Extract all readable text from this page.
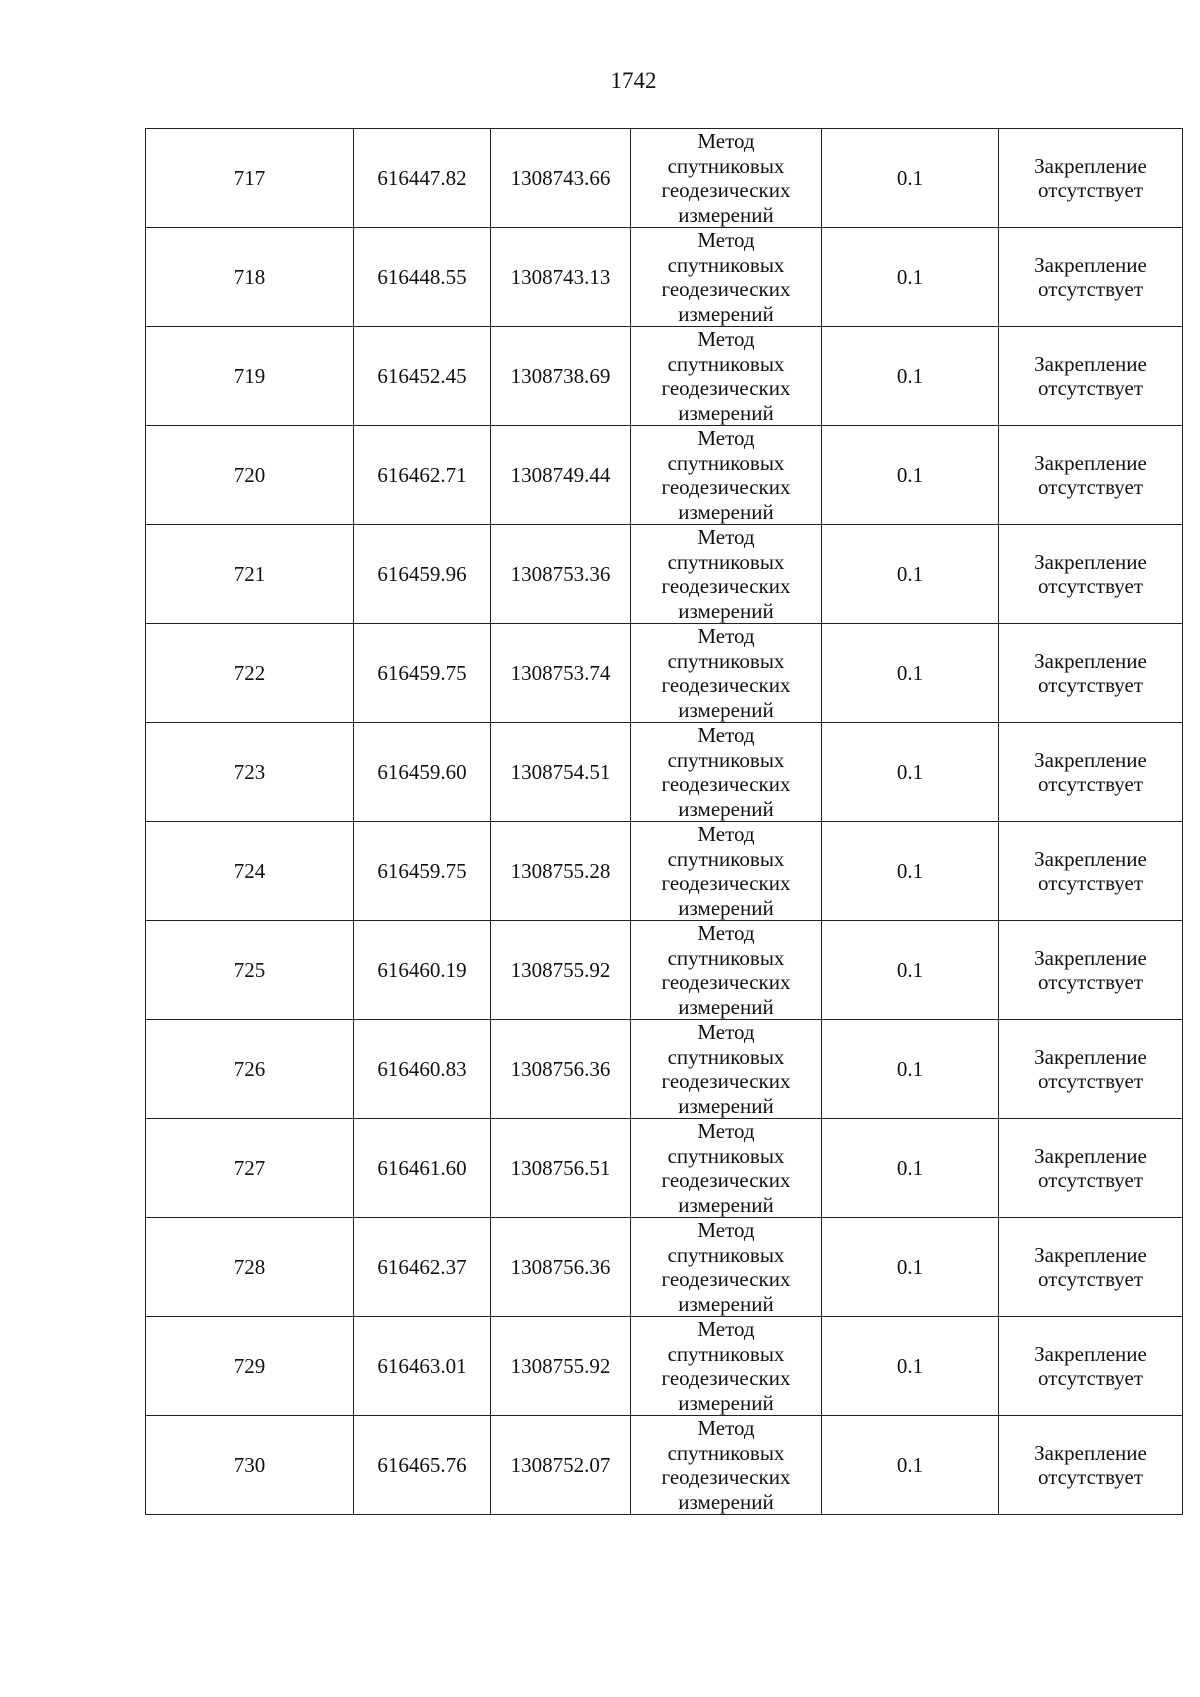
1742
717	616447.82	1308743.66	Метод спутниковых геодезических измерений	0.1	Закрепление отсутствует

718	616448.55	1308743.13	Метод спутниковых геодезических измерений	0.1	Закрепление отсутствует

719	616452.45	1308738.69	Метод спутниковых геодезических измерений	0.1	Закрепление отсутствует

720	616462.71	1308749.44	Метод спутниковых геодезических измерений	0.1	Закрепление отсутствует

721	616459.96	1308753.36	Метод спутниковых геодезических измерений	0.1	Закрепление отсутствует

722	616459.75	1308753.74	Метод спутниковых геодезических измерений	0.1	Закрепление отсутствует

723	616459.60	1308754.51	Метод спутниковых геодезических измерений	0.1	Закрепление отсутствует

724	616459.75	1308755.28	Метод спутниковых геодезических измерений	0.1	Закрепление отсутствует

725	616460.19	1308755.92	Метод спутниковых геодезических измерений	0.1	Закрепление отсутствует

726	616460.83	1308756.36	Метод спутниковых геодезических измерений	0.1	Закрепление отсутствует

727	616461.60	1308756.51	Метод спутниковых геодезических измерений	0.1	Закрепление отсутствует

728	616462.37	1308756.36	Метод спутниковых геодезических измерений	0.1	Закрепление отсутствует

729	616463.01	1308755.92	Метод спутниковых геодезических измерений	0.1	Закрепление отсутствует

730	616465.76	1308752.07	Метод спутниковых геодезических измерений	0.1	Закрепление отсутствует
